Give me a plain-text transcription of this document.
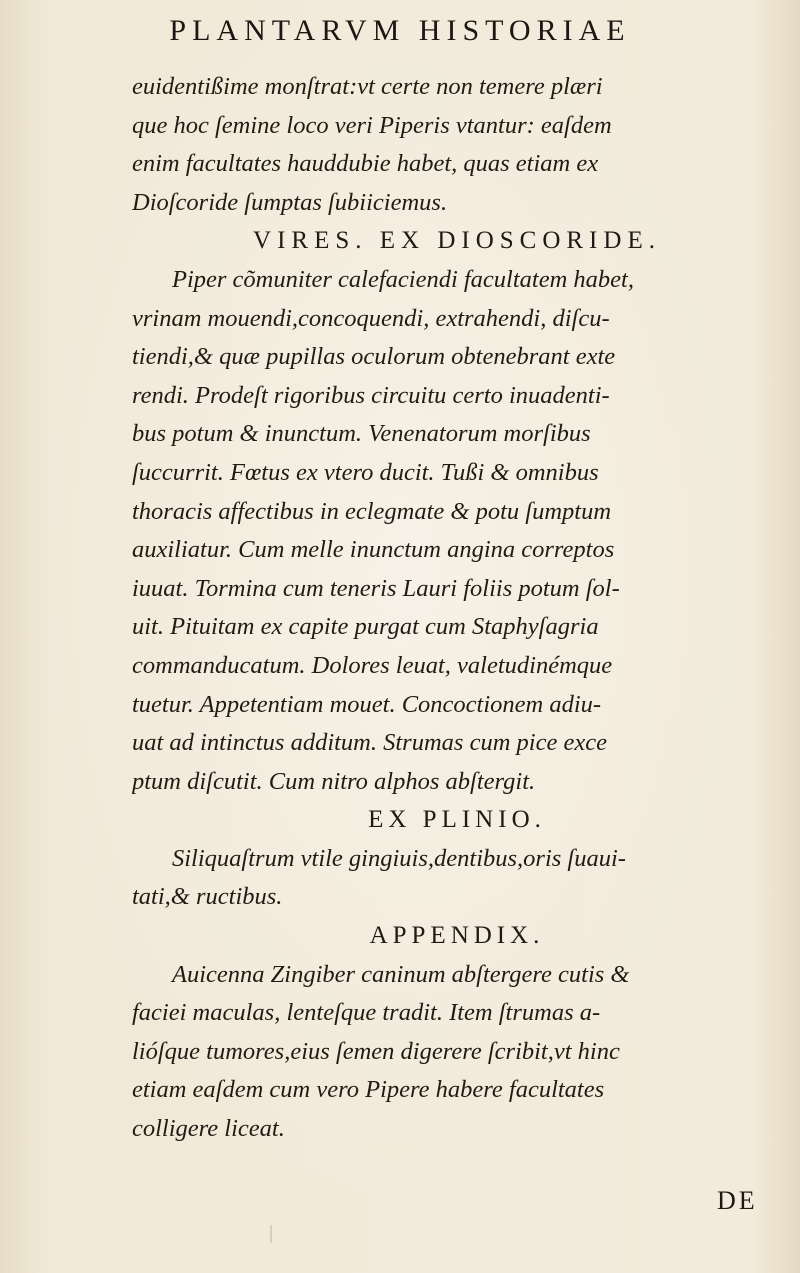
PLANTARVM HISTORIAE
euidentißime monſtrat:vt certe non temere plæri
que hoc ſemine loco veri Piperis vtantur: eaſdem
enim facultates hauddubie habet, quas etiam ex
Dioſcoride ſumptas ſubiiciemus.
VIRES. EX DIOSCORIDE.
Piper cõmuniter calefaciendi facultatem habet,
vrinam mouendi,concoquendi, extrahendi, diſcu-
tiendi,& quæ pupillas oculorum obtenebrant exte
rendi. Prodeſt rigoribus circuitu certo inuadenti-
bus potum & inunctum. Venenatorum morſibus
ſuccurrit. Fœtus ex vtero ducit. Tußi & omnibus
thoracis affectibus in eclegmate & potu ſumptum
auxiliatur. Cum melle inunctum angina correptos
iuuat. Tormina cum teneris Lauri foliis potum ſol-
uit. Pituitam ex capite purgat cum Staphyſagria
commanducatum. Dolores leuat, valetudinémque
tuetur. Appetentiam mouet. Concoctionem adiu-
uat ad intinctus additum. Strumas cum pice exce
ptum diſcutit. Cum nitro alphos abſtergit.
EX PLINIO.
Siliquaſtrum vtile gingiuis,dentibus,oris ſuaui-
tati,& ructibus.
APPENDIX.
Auicenna Zingiber caninum abſtergere cutis &
faciei maculas, lenteſque tradit. Item ſtrumas a-
lióſque tumores,eius ſemen digerere ſcribit,vt hinc
etiam eaſdem cum vero Pipere habere facultates
colligere liceat.
DE
